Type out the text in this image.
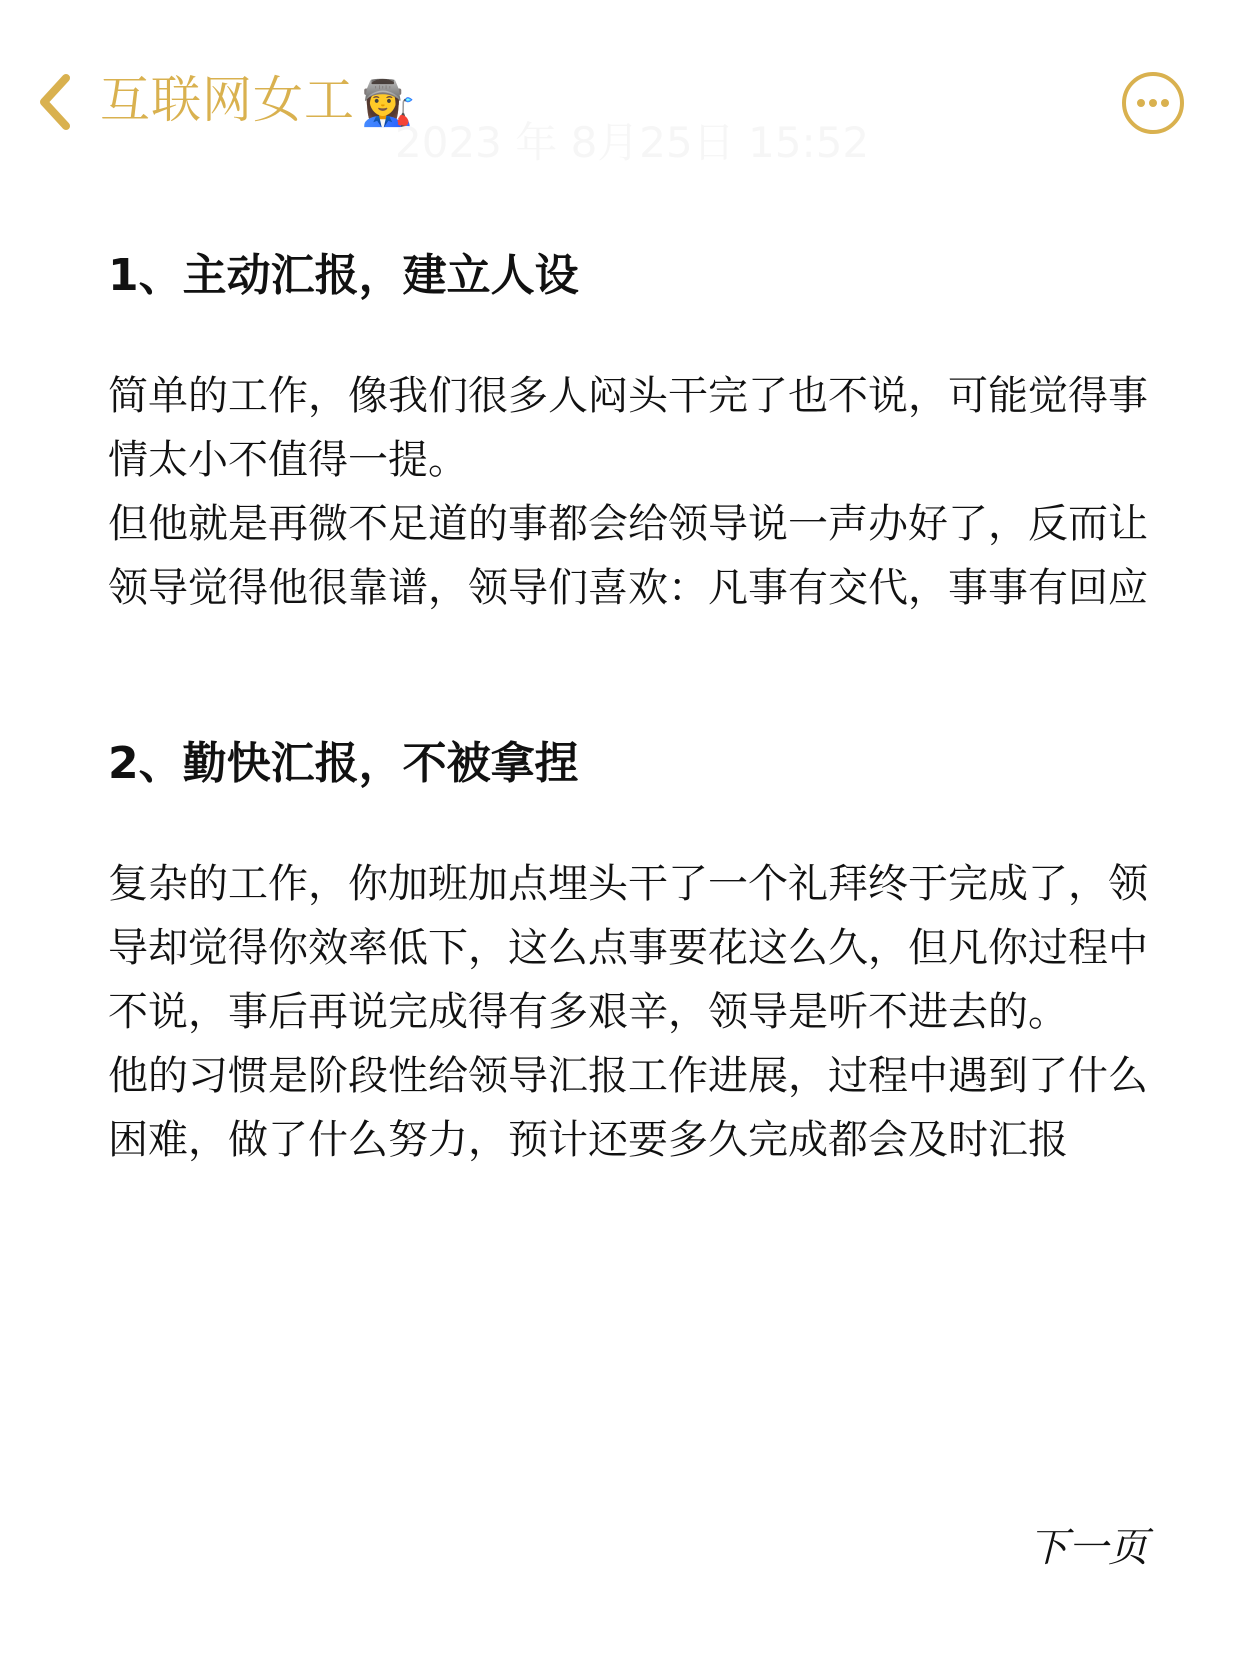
互联网女工 👩‍🏭
2023 年 8月25日 15:52
1、主动汇报，建立人设

简单的工作，像我们很多人闷头干完了也不说，可能觉得事情太小不值得一提。

但他就是再微不足道的事都会给领导说一声办好了，反而让领导觉得他很靠谱，领导们喜欢：凡事有交代，事事有回应

2、勤快汇报，不被拿捏

复杂的工作，你加班加点埋头干了一个礼拜终于完成了，领导却觉得你效率低下，这么点事要花这么久，但凡你过程中不说，事后再说完成得有多艰辛，领导是听不进去的。

他的习惯是阶段性给领导汇报工作进展，过程中遇到了什么困难，做了什么努力，预计还要多久完成都会及时汇报

下一页
